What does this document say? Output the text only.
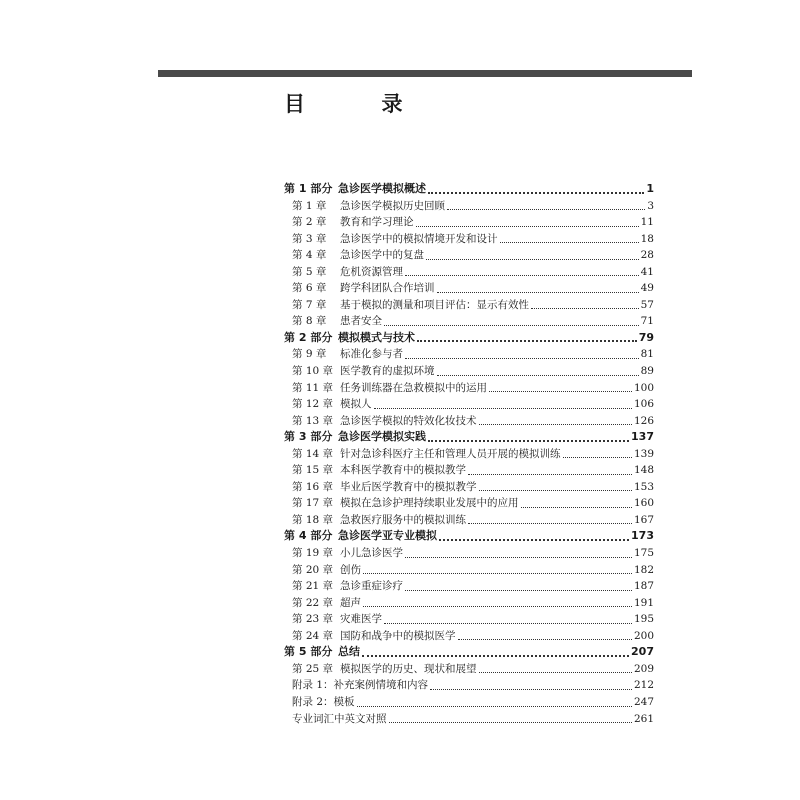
目        录
第 1 部分 急诊医学模拟概述	1
第 1 章 急诊医学模拟历史回顾	3
第 2 章 教育和学习理论	11
第 3 章 急诊医学中的模拟情境开发和设计	18
第 4 章 急诊医学中的复盘	28
第 5 章 危机资源管理	41
第 6 章 跨学科团队合作培训	49
第 7 章 基于模拟的测量和项目评估：显示有效性	57
第 8 章 患者安全	71
第 2 部分 模拟模式与技术	79
第 9 章 标准化参与者	81
第 10 章 医学教育的虚拟环境	89
第 11 章 任务训练器在急救模拟中的运用	100
第 12 章 模拟人	106
第 13 章 急诊医学模拟的特效化妆技术	126
第 3 部分 急诊医学模拟实践	137
第 14 章 针对急诊科医疗主任和管理人员开展的模拟训练	139
第 15 章 本科医学教育中的模拟教学	148
第 16 章 毕业后医学教育中的模拟教学	153
第 17 章 模拟在急诊护理持续职业发展中的应用	160
第 18 章 急救医疗服务中的模拟训练	167
第 4 部分 急诊医学亚专业模拟	173
第 19 章 小儿急诊医学	175
第 20 章 创伤	182
第 21 章 急诊重症诊疗	187
第 22 章 超声	191
第 23 章 灾难医学	195
第 24 章 国防和战争中的模拟医学	200
第 5 部分 总结	207
第 25 章 模拟医学的历史、现状和展望	209
附录 1：补充案例情境和内容	212
附录 2：模板	247
专业词汇中英文对照	261
